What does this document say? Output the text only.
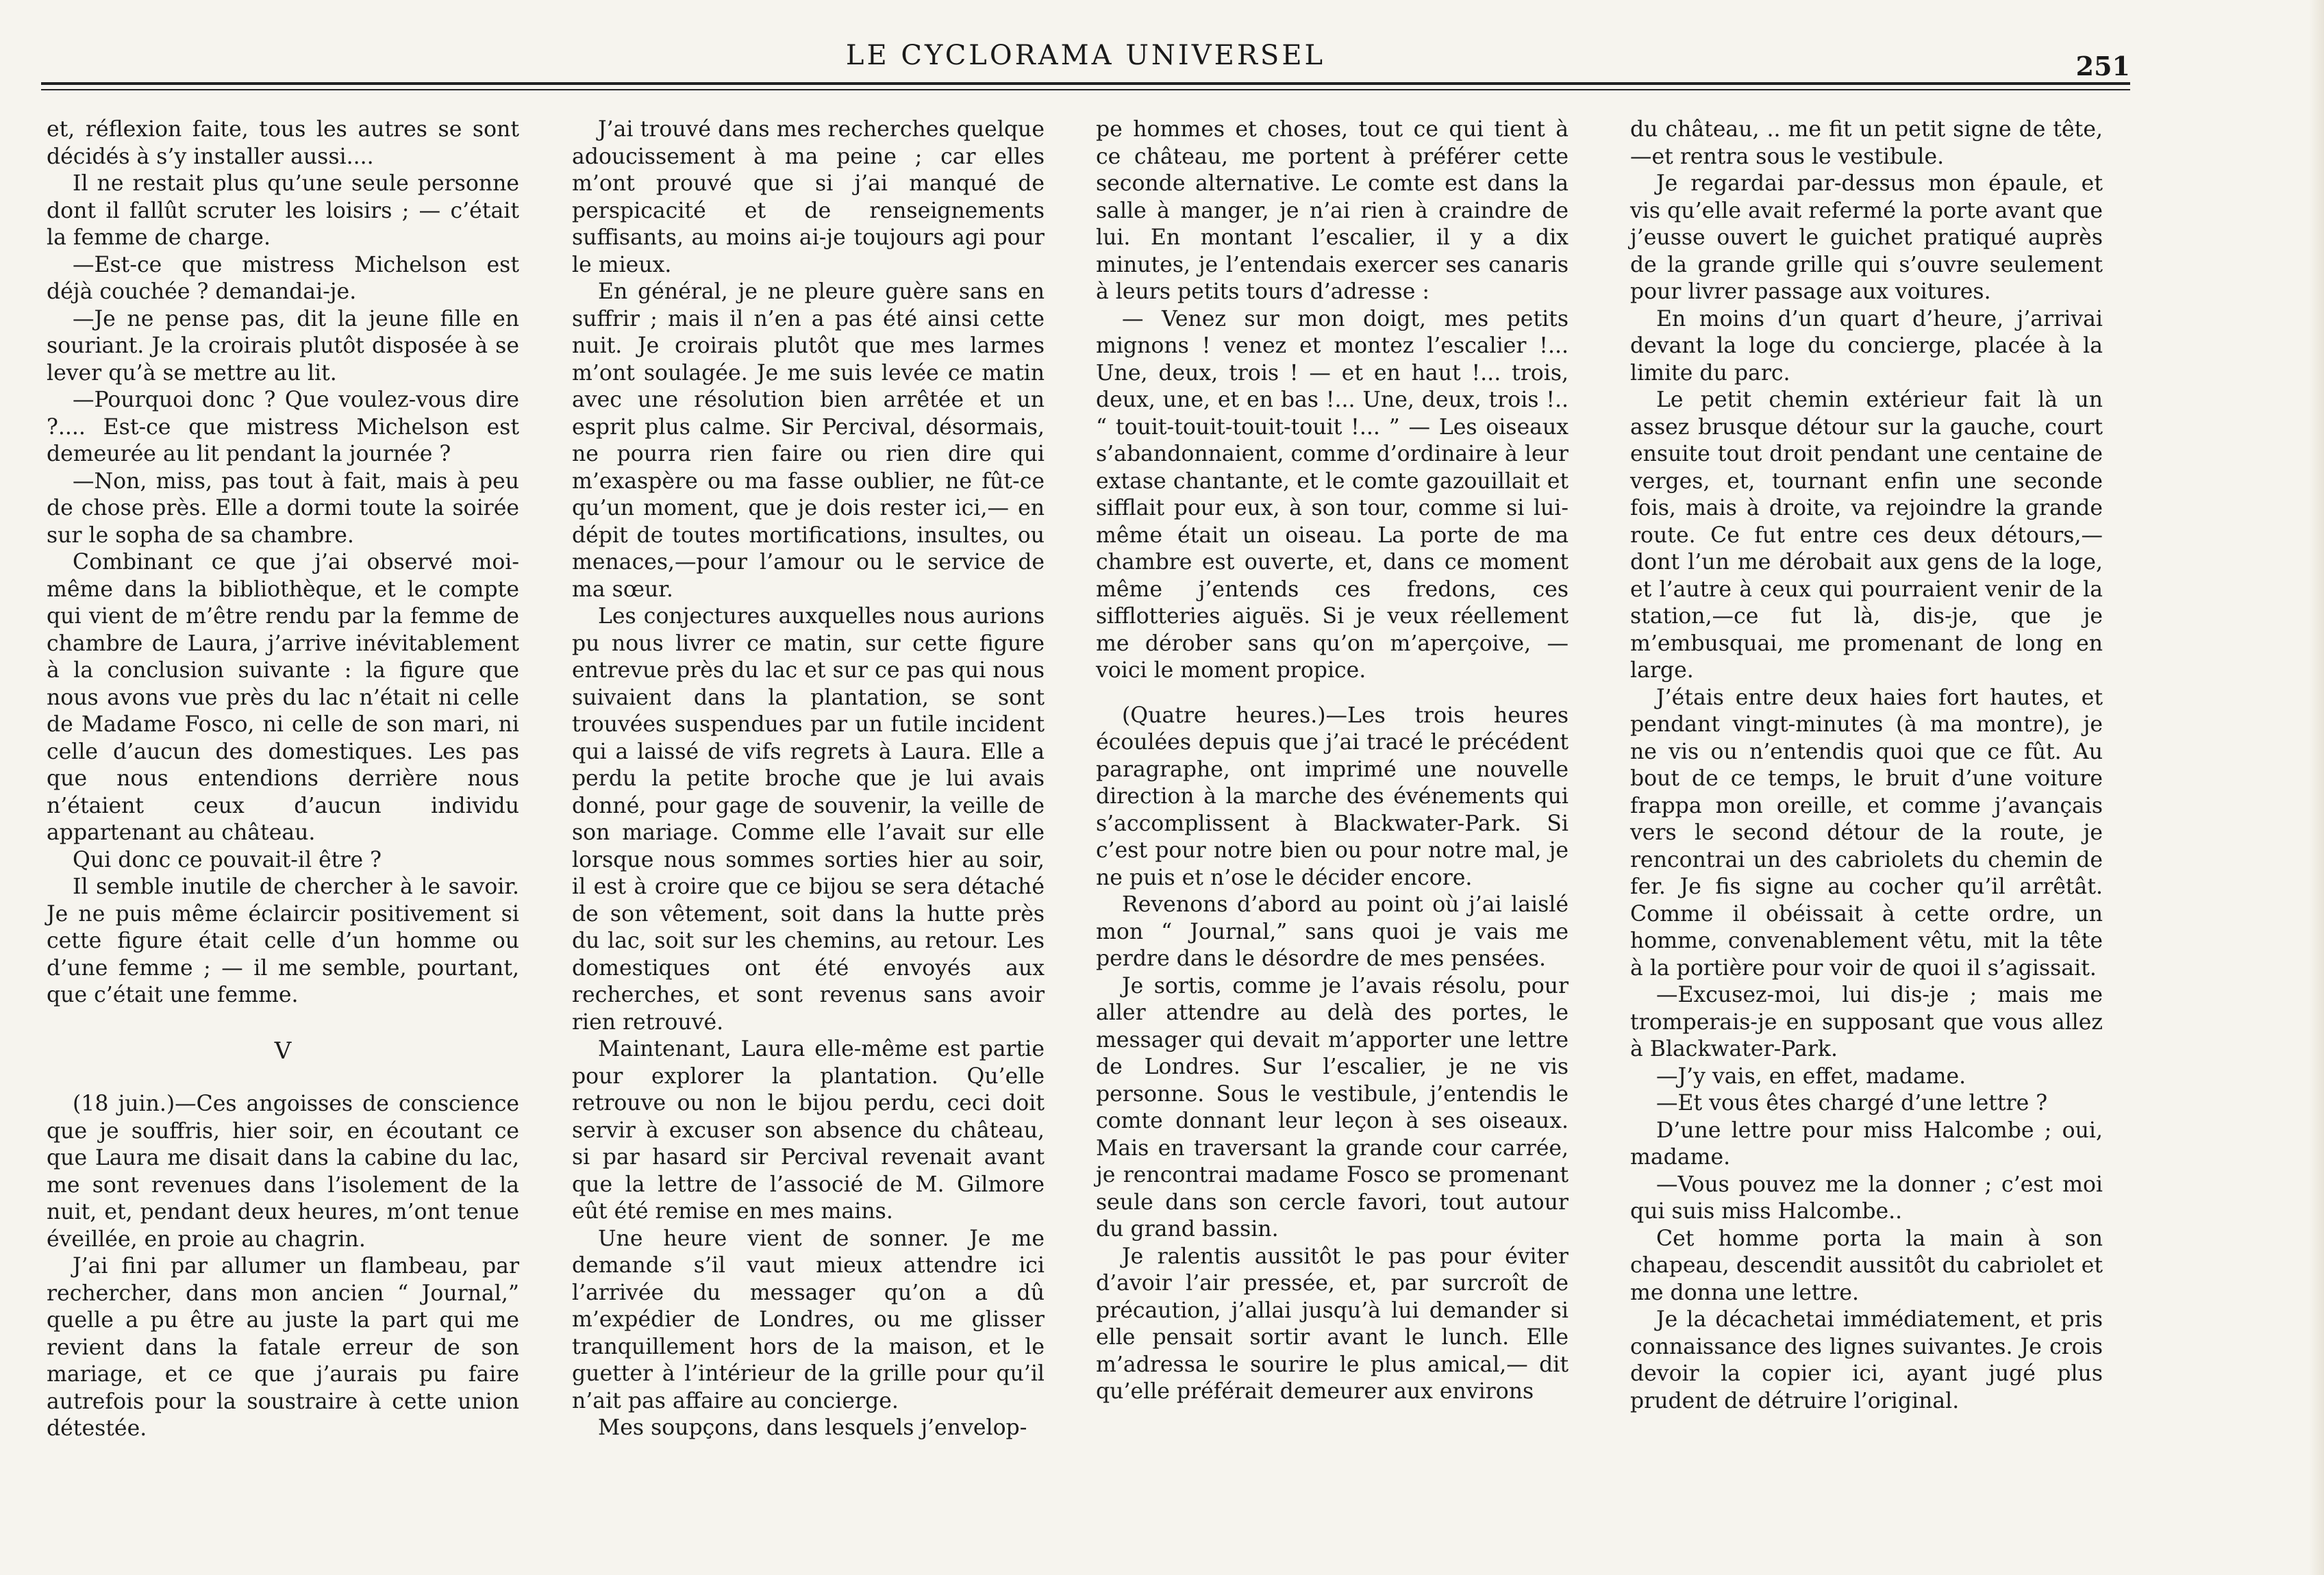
LE CYCLORAMA UNIVERSEL	251

et, réflexion faite, tous les autres se sont décidés à s’y installer aussi....

Il ne restait plus qu’une seule personne dont il fallût scruter les loisirs ; — c’était la femme de charge.

—Est-ce que mistress Michelson est déjà couchée ? demandai-je.

—Je ne pense pas, dit la jeune fille en souriant. Je la croirais plutôt disposée à se lever qu’à se mettre au lit.

—Pourquoi donc ? Que voulez-vous dire ?.... Est-ce que mistress Michelson est demeurée au lit pendant la journée ?

—Non, miss, pas tout à fait, mais à peu de chose près. Elle a dormi toute la soirée sur le sopha de sa chambre.

Combinant ce que j’ai observé moi-même dans la bibliothèque, et le compte qui vient de m’être rendu par la femme de chambre de Laura, j’arrive inévitablement à la conclusion suivante : la figure que nous avons vue près du lac n’était ni celle de Madame Fosco, ni celle de son mari, ni celle d’aucun des domestiques. Les pas que nous entendions derrière nous n’étaient ceux d’aucun individu appartenant au château.

Qui donc ce pouvait-il être ?

Il semble inutile de chercher à le savoir. Je ne puis même éclaircir positivement si cette figure était celle d’un homme ou d’une femme ; — il me semble, pourtant, que c’était une femme.

V

(18 juin.)—Ces angoisses de conscience que je souffris, hier soir, en écoutant ce que Laura me disait dans la cabine du lac, me sont revenues dans l’isolement de la nuit, et, pendant deux heures, m’ont tenue éveillée, en proie au chagrin.

J’ai fini par allumer un flambeau, par rechercher, dans mon ancien “ Journal,” quelle a pu être au juste la part qui me revient dans la fatale erreur de son mariage, et ce que j’aurais pu faire autrefois pour la soustraire à cette union détestée.

J’ai trouvé dans mes recherches quelque adoucissement à ma peine ; car elles m’ont prouvé que si j’ai manqué de perspicacité et de renseignements suffisants, au moins ai-je toujours agi pour le mieux.

En général, je ne pleure guère sans en suffrir ; mais il n’en a pas été ainsi cette nuit. Je croirais plutôt que mes larmes m’ont soulagée. Je me suis levée ce matin avec une résolution bien arrêtée et un esprit plus calme. Sir Percival, désormais, ne pourra rien faire ou rien dire qui m’exaspère ou ma fasse oublier, ne fût-ce qu’un moment, que je dois rester ici,— en dépit de toutes mortifications, insultes, ou menaces,—pour l’amour ou le service de ma sœur.

Les conjectures auxquelles nous aurions pu nous livrer ce matin, sur cette figure entrevue près du lac et sur ce pas qui nous suivaient dans la plantation, se sont trouvées suspendues par un futile incident qui a laissé de vifs regrets à Laura. Elle a perdu la petite broche que je lui avais donné, pour gage de souvenir, la veille de son mariage. Comme elle l’avait sur elle lorsque nous sommes sorties hier au soir, il est à croire que ce bijou se sera détaché de son vêtement, soit dans la hutte près du lac, soit sur les chemins, au retour. Les domestiques ont été envoyés aux recherches, et sont revenus sans avoir rien retrouvé.

Maintenant, Laura elle-même est partie pour explorer la plantation. Qu’elle retrouve ou non le bijou perdu, ceci doit servir à excuser son absence du château, si par hasard sir Percival revenait avant que la lettre de l’associé de M. Gilmore eût été remise en mes mains.

Une heure vient de sonner. Je me demande s’il vaut mieux attendre ici l’arrivée du messager qu’on a dû m’expédier de Londres, ou me glisser tranquillement hors de la maison, et le guetter à l’intérieur de la grille pour qu’il n’ait pas affaire au concierge.

Mes soupçons, dans lesquels j’envelop-

pe hommes et choses, tout ce qui tient à ce château, me portent à préférer cette seconde alternative. Le comte est dans la salle à manger, je n’ai rien à craindre de lui. En montant l’escalier, il y a dix minutes, je l’entendais exercer ses canaris à leurs petits tours d’adresse :

— Venez sur mon doigt, mes petits mignons ! venez et montez l’escalier !... Une, deux, trois ! — et en haut !... trois, deux, une, et en bas !... Une, deux, trois !.. “ touit-touit-touit-touit !... ” — Les oiseaux s’abandonnaient, comme d’ordinaire à leur extase chantante, et le comte gazouillait et sifflait pour eux, à son tour, comme si lui-même était un oiseau. La porte de ma chambre est ouverte, et, dans ce moment même j’entends ces fredons, ces sifflotteries aiguës. Si je veux réellement me dérober sans qu’on m’aperçoive, —voici le moment propice.

(Quatre heures.)—Les trois heures écoulées depuis que j’ai tracé le précédent paragraphe, ont imprimé une nouvelle direction à la marche des événements qui s’accomplissent à Blackwater-Park. Si c’est pour notre bien ou pour notre mal, je ne puis et n’ose le décider encore.

Revenons d’abord au point où j’ai laislé mon “ Journal,” sans quoi je vais me perdre dans le désordre de mes pensées.

Je sortis, comme je l’avais résolu, pour aller attendre au delà des portes, le messager qui devait m’apporter une lettre de Londres. Sur l’escalier, je ne vis personne. Sous le vestibule, j’entendis le comte donnant leur leçon à ses oiseaux. Mais en traversant la grande cour carrée, je rencontrai madame Fosco se promenant seule dans son cercle favori, tout autour du grand bassin.

Je ralentis aussitôt le pas pour éviter d’avoir l’air pressée, et, par surcroît de précaution, j’allai jusqu’à lui demander si elle pensait sortir avant le lunch. Elle m’adressa le sourire le plus amical,— dit qu’elle préférait demeurer aux environs

du château, .. me fit un petit signe de tête,—et rentra sous le vestibule.

Je regardai par-dessus mon épaule, et vis qu’elle avait refermé la porte avant que j’eusse ouvert le guichet pratiqué auprès de la grande grille qui s’ouvre seulement pour livrer passage aux voitures.

En moins d’un quart d’heure, j’arrivai devant la loge du concierge, placée à la limite du parc.

Le petit chemin extérieur fait là un assez brusque détour sur la gauche, court ensuite tout droit pendant une centaine de verges, et, tournant enfin une seconde fois, mais à droite, va rejoindre la grande route. Ce fut entre ces deux détours,— dont l’un me dérobait aux gens de la loge, et l’autre à ceux qui pourraient venir de la station,—ce fut là, dis-je, que je m’embusquai, me promenant de long en large.

J’étais entre deux haies fort hautes, et pendant vingt-minutes (à ma montre), je ne vis ou n’entendis quoi que ce fût. Au bout de ce temps, le bruit d’une voiture frappa mon oreille, et comme j’avançais vers le second détour de la route, je rencontrai un des cabriolets du chemin de fer. Je fis signe au cocher qu’il arrêtât. Comme il obéissait à cette ordre, un homme, convenablement vêtu, mit la tête à la portière pour voir de quoi il s’agissait.

—Excusez-moi, lui dis-je ; mais me tromperais-je en supposant que vous allez à Blackwater-Park.

—J’y vais, en effet, madame.

—Et vous êtes chargé d’une lettre ?

D’une lettre pour miss Halcombe ; oui, madame.

—Vous pouvez me la donner ; c’est moi qui suis miss Halcombe..

Cet homme porta la main à son chapeau, descendit aussitôt du cabriolet et me donna une lettre.

Je la décachetai immédiatement, et pris connaissance des lignes suivantes. Je crois devoir la copier ici, ayant jugé plus prudent de détruire l’original.
